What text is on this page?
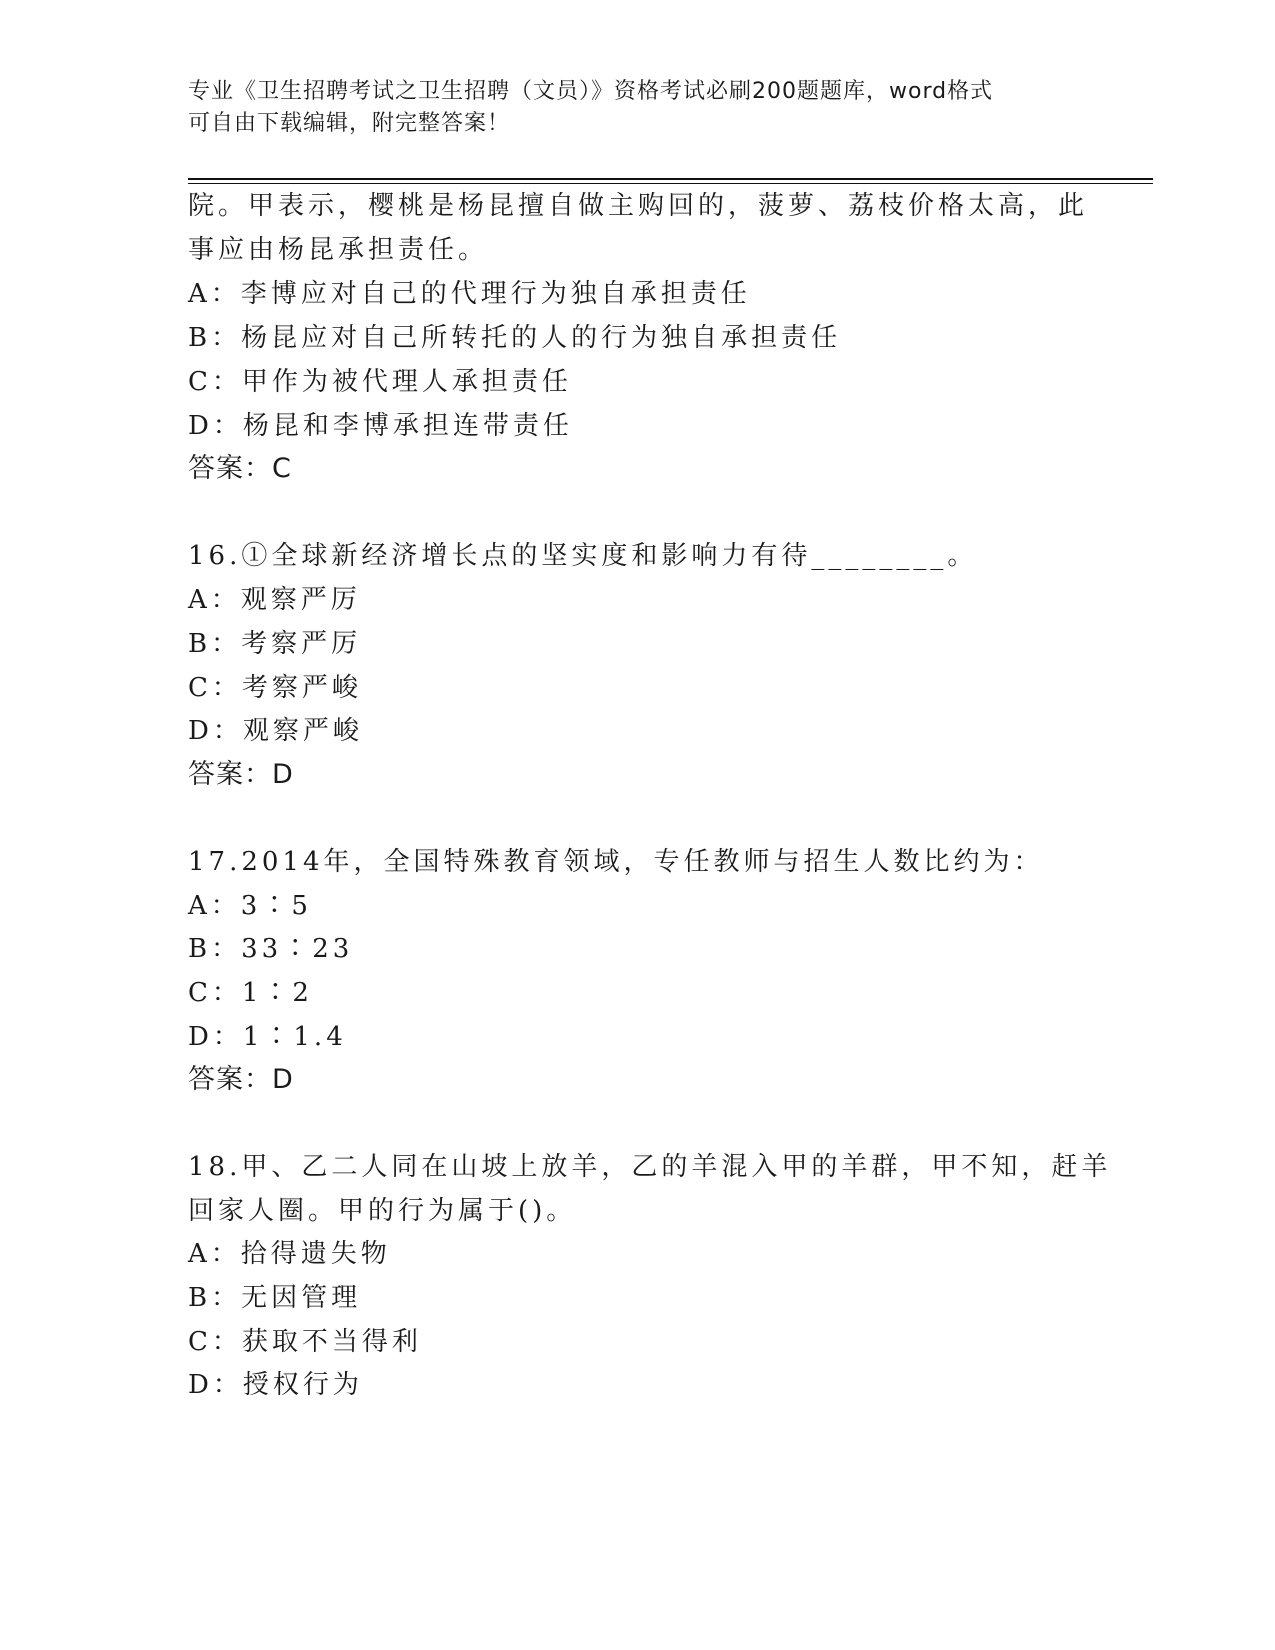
专业《卫生招聘考试之卫生招聘（文员）》资格考试必刷200题题库，word格式
可自由下载编辑，附完整答案！
院。甲表示，樱桃是杨昆擅自做主购回的，菠萝、荔枝价格太高，此
事应由杨昆承担责任。
A：李博应对自己的代理行为独自承担责任
B：杨昆应对自己所转托的人的行为独自承担责任
C：甲作为被代理人承担责任
D：杨昆和李博承担连带责任
答案：C
16.①全球新经济增长点的坚实度和影响力有待________。
A：观察严厉
B：考察严厉
C：考察严峻
D：观察严峻
答案：D
17.2014年，全国特殊教育领域，专任教师与招生人数比约为：
A：3∶5
B：33∶23
C：1∶2
D：1∶1.4
答案：D
18.甲、乙二人同在山坡上放羊，乙的羊混入甲的羊群，甲不知，赶羊
回家人圈。甲的行为属于()。
A：拾得遗失物
B：无因管理
C：获取不当得利
D：授权行为
